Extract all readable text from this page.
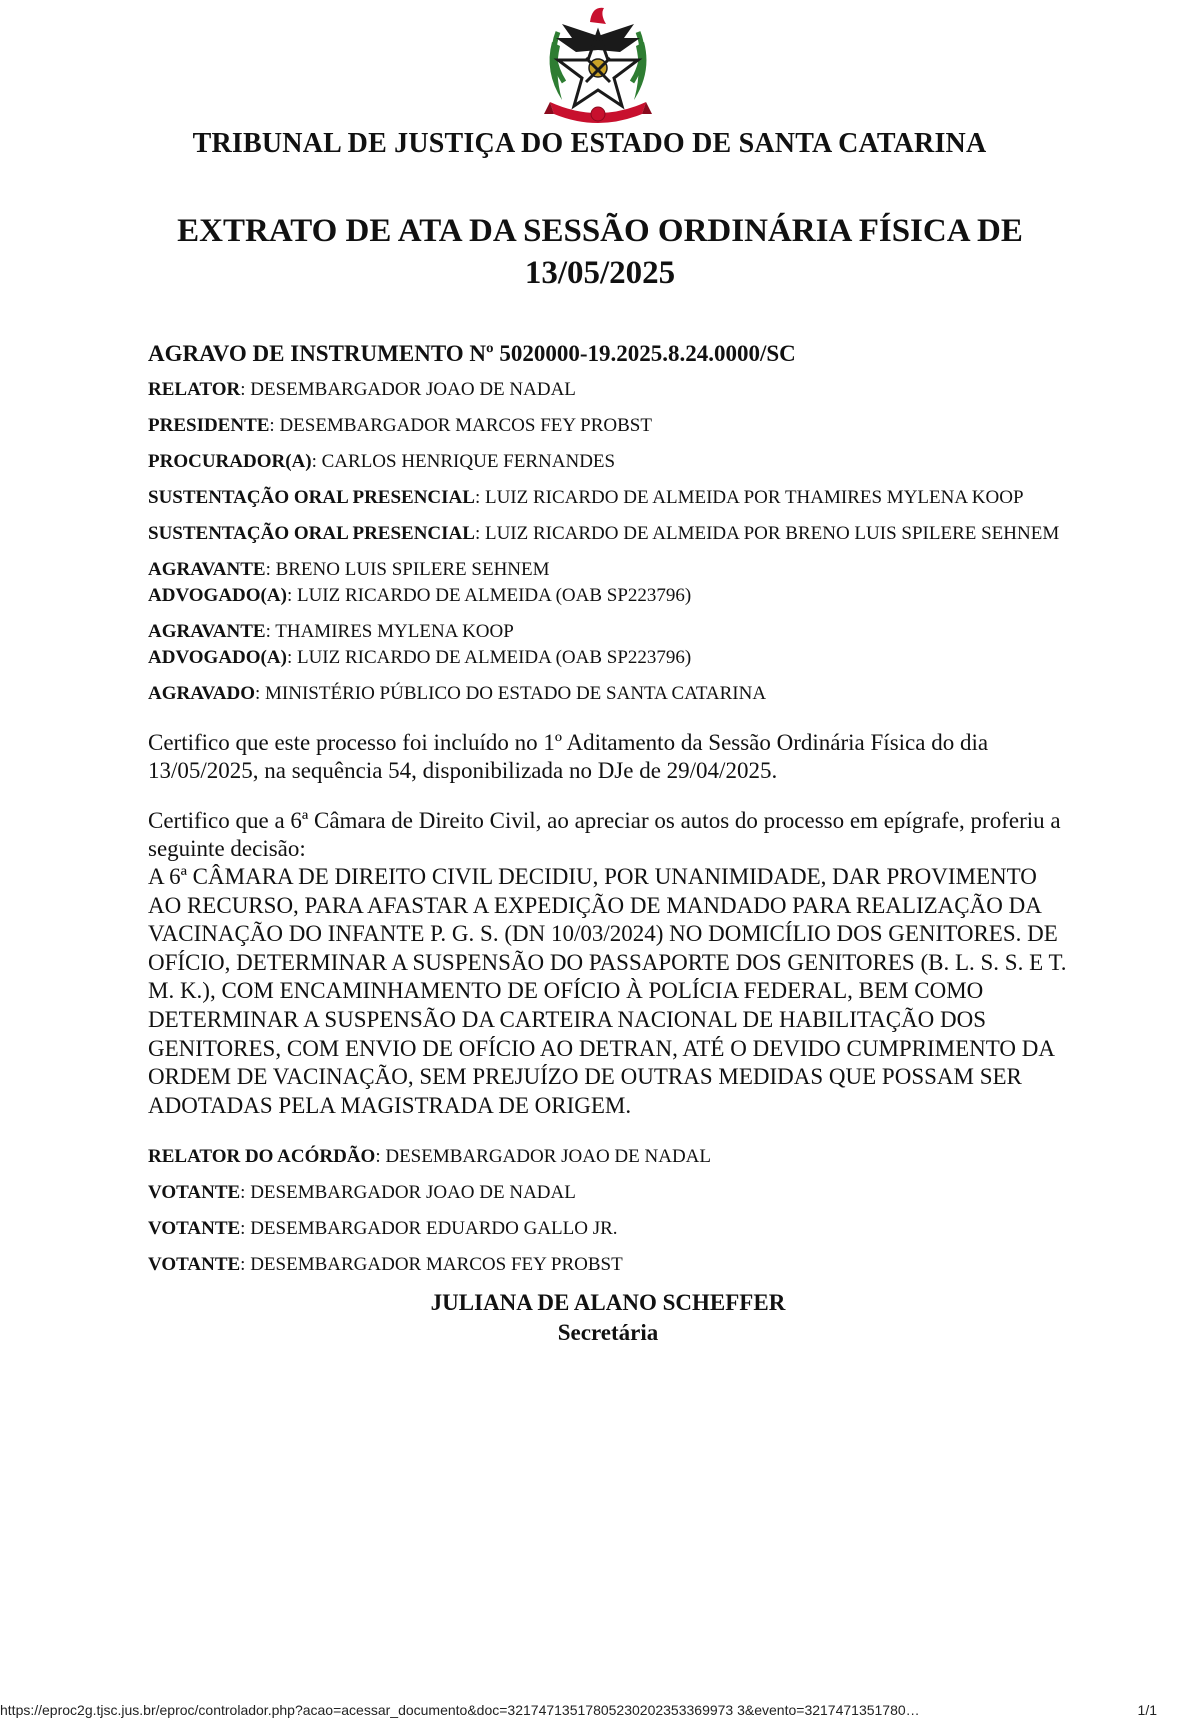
TRIBUNAL DE JUSTIÇA DO ESTADO DE SANTA CATARINA
EXTRATO DE ATA DA SESSÃO ORDINÁRIA FÍSICA DE
13/05/2025
AGRAVO DE INSTRUMENTO Nº 5020000-19.2025.8.24.0000/SC
RELATOR: DESEMBARGADOR JOAO DE NADAL
PRESIDENTE: DESEMBARGADOR MARCOS FEY PROBST
PROCURADOR(A): CARLOS HENRIQUE FERNANDES
SUSTENTAÇÃO ORAL PRESENCIAL: LUIZ RICARDO DE ALMEIDA POR THAMIRES MYLENA KOOP
SUSTENTAÇÃO ORAL PRESENCIAL: LUIZ RICARDO DE ALMEIDA POR BRENO LUIS SPILERE SEHNEM
AGRAVANTE: BRENO LUIS SPILERE SEHNEM
ADVOGADO(A): LUIZ RICARDO DE ALMEIDA (OAB SP223796)
AGRAVANTE: THAMIRES MYLENA KOOP
ADVOGADO(A): LUIZ RICARDO DE ALMEIDA (OAB SP223796)
AGRAVADO: MINISTÉRIO PÚBLICO DO ESTADO DE SANTA CATARINA
Certifico que este processo foi incluído no 1º Aditamento da Sessão Ordinária Física do dia 13/05/2025, na sequência 54, disponibilizada no DJe de 29/04/2025.
Certifico que a 6ª Câmara de Direito Civil, ao apreciar os autos do processo em epígrafe, proferiu a seguinte decisão:
A 6ª CÂMARA DE DIREITO CIVIL DECIDIU, POR UNANIMIDADE, DAR PROVIMENTO AO RECURSO, PARA AFASTAR A EXPEDIÇÃO DE MANDADO PARA REALIZAÇÃO DA VACINAÇÃO DO INFANTE P. G. S. (DN 10/03/2024) NO DOMICÍLIO DOS GENITORES. DE OFÍCIO, DETERMINAR A SUSPENSÃO DO PASSAPORTE DOS GENITORES (B. L. S. S. E T. M. K.), COM ENCAMINHAMENTO DE OFÍCIO À POLÍCIA FEDERAL, BEM COMO DETERMINAR A SUSPENSÃO DA CARTEIRA NACIONAL DE HABILITAÇÃO DOS GENITORES, COM ENVIO DE OFÍCIO AO DETRAN, ATÉ O DEVIDO CUMPRIMENTO DA ORDEM DE VACINAÇÃO, SEM PREJUÍZO DE OUTRAS MEDIDAS QUE POSSAM SER ADOTADAS PELA MAGISTRADA DE ORIGEM.
RELATOR DO ACÓRDÃO: DESEMBARGADOR JOAO DE NADAL
VOTANTE: DESEMBARGADOR JOAO DE NADAL
VOTANTE: DESEMBARGADOR EDUARDO GALLO JR.
VOTANTE: DESEMBARGADOR MARCOS FEY PROBST
JULIANA DE ALANO SCHEFFER
Secretária
https://eproc2g.tjsc.jus.br/eproc/controlador.php?acao=acessar_documento&doc=32174713517805230202353369973 3&evento=3217471351780…	1/1
